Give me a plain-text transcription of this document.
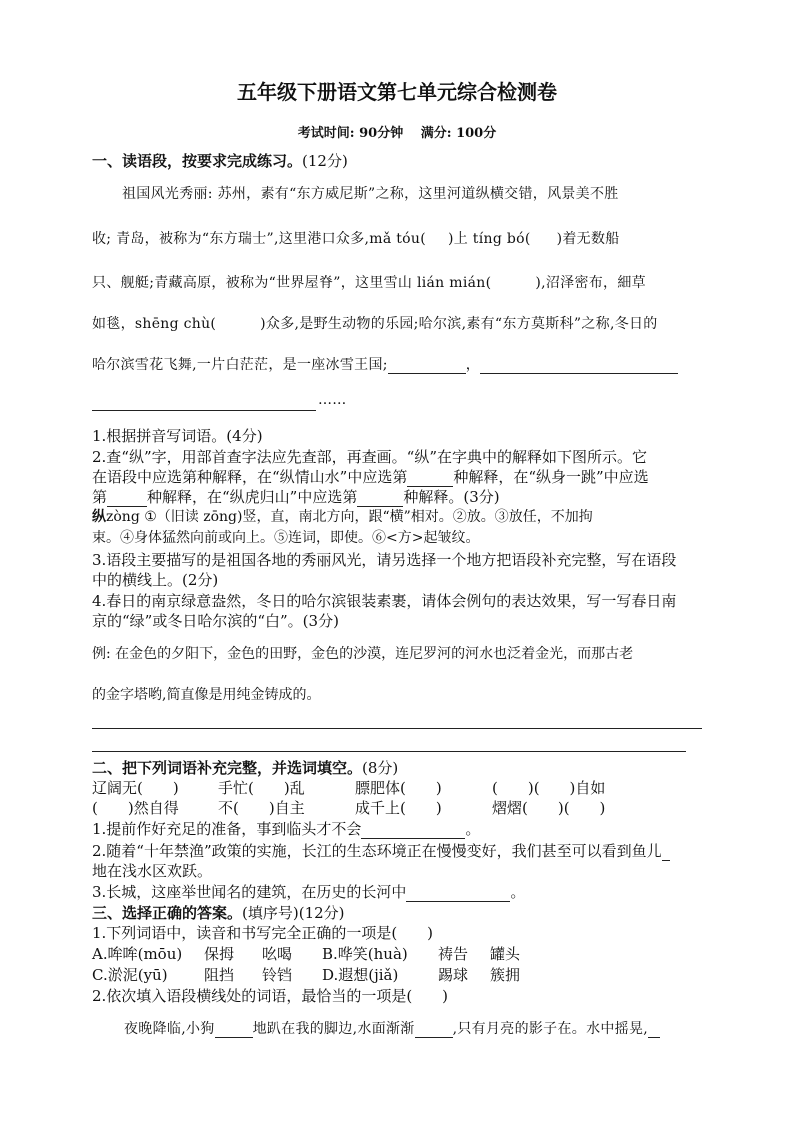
五年级下册语文第七单元综合检测卷
考试时间: 90分钟　 满分: 100分
一、读语段，按要求完成练习。(12分)
祖国风光秀丽: 苏州，素有“东方威尼斯”之称，这里河道纵横交错，风景美不胜
收; 青岛，被称为“东方瑞士”,这里港口众多,mǎ tóu( )上 tíng bó( )着无数船
只、舰艇;青藏高原，被称为“世界屋脊”，这里雪山 lián mián(	),沼泽密布，細草
如毯，shēng chù(	)众多,是野生动物的乐园;哈尔滨,素有“东方莫斯科”之称,冬日的
哈尔滨雪花飞舞,一片白茫茫，是一座冰雪王国;	，
……
1.根据拼音写词语。(4分)
2.查“纵”字，用部首查字法应先查部，再查画。“纵”在字典中的解释如下图所示。它
在语段中应选第种解释，在“纵情山水”中应选第	种解释，在“纵身一跳”中应选
第	种解释，在“纵虎归山”中应选第	种解释。(3分)
纵zòng ①（旧读 zōng)竖，直，南北方向，跟“横”相对。②放。③放任，不加拘
束。④身体猛然向前或向上。⑤连词，即使。⑥<方>起皱纹。
3.语段主要描写的是祖国各地的秀丽风光，请另选择一个地方把语段补充完整，写在语段
中的横线上。(2分)
4.春日的南京绿意盎然，冬日的哈尔滨银装素裹，请体会例句的表达效果，写一写春日南
京的“绿”或冬日哈尔滨的“白”。(3分)
例: 在金色的夕阳下，金色的田野，金色的沙漠，连尼罗河的河水也泛着金光，而那古老
的金字塔哟,简直像是用纯金铸成的。
二、把下列词语补充完整，并选词填空。(8分)
辽阔无(　　)	手忙(　　)乱	膘肥体(　　)	(　　)(　　)自如
(　　)然自得	不(　　)自主	成千上(　　)	熠熠(　　)(　　)
1.提前作好充足的准备，事到临头才不会	。
2.随着“十年禁渔”政策的实施，长江的生态环境正在慢慢变好，我们甚至可以看到鱼儿
地在浅水区欢跃。
3.长城，这座举世闻名的建筑，在历史的长河中	。
三、选择正确的答案。(填序号)(12分)
1.下列词语中，读音和书写完全正确的一项是(　　)
A.哞哞(mōu) 保拇 吆喝 B.哗笑(huà) 祷告 罐头
C.淤泥(yū) 阻挡 铃铛 D.遐想(jiǎ)	踢球 簇拥
2.依次填入语段横线处的词语，最恰当的一项是(　　)
夜晚降临,小狗	地趴在我的脚边,水面渐渐	,只有月亮的影子在。水中摇晃,
